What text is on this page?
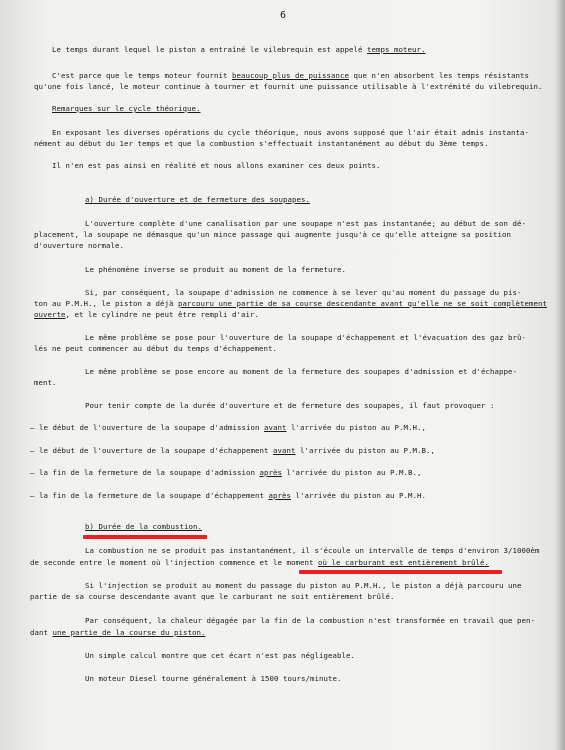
6
Le temps durant lequel le piston a entraîné le vilebrequin est appelé temps moteur.
C'est parce que le temps moteur fournit beaucoup plus de puissance que n'en absorbent les temps résistants
qu'une fois lancé, le moteur continue à tourner et fournit une puissance utilisable à l'extrémité du vilebrequin.
Remarques sur le cycle théorique.
En exposant les diverses opérations du cycle théorique, nous avons supposé que l'air était admis instanta-
nément au début du 1er temps et que la combustion s'effectuait instantanément au début du 3ème temps.
Il n'en est pas ainsi en réalité et nous allons examiner ces deux points.
a) Durée d'ouverture et de fermeture des soupapes.
L'ouverture complète d'une canalisation par une soupape n'est pas instantanée; au début de son dé-
placement, la soupape ne démasque qu'un mince passage qui augmente jusqu'à ce qu'elle atteigne sa position
d'ouverture normale.
Le phénomène inverse se produit au moment de la fermeture.
Si, par conséquent, la soupape d'admission ne commence à se lever qu'au moment du passage du pis-
ton au P.M.H., le piston a déjà parcouru une partie de sa course descendante avant qu'elle ne se soit complètement
ouverte, et le cylindre ne peut être rempli d'air.
Le même problème se pose pour l'ouverture de la soupape d'échappement et l'évacuation des gaz brû-
lés ne peut commencer au début du temps d'échappement.
Le même problème se pose encore au moment de la fermeture des soupapes d'admission et d'échappe-
ment.
Pour tenir compte de la durée d'ouverture et de fermeture des soupapes, il faut provoquer :
– le début de l'ouverture de la soupape d'admission avant l'arrivée du piston au P.M.H.,
– le début de l'ouverture de la soupape d'échappement avant l'arrivée du piston au P.M.B.,
– la fin de la fermeture de la soupape d'admission après l'arrivée du piston au P.M.B.,
– la fin de la fermeture de la soupape d'échappement après l'arrivée du piston au P.M.H.
b) Durée de la combustion.
La combustion ne se produit pas instantanément, il s'écoule un intervalle de temps d'environ 3/1000èm
de seconde entre le moment où l'injection commence et le moment où le carburant est entièrement brûlé.
Si l'injection se produit au moment du passage du piston au P.M.H., le piston a déjà parcouru une
partie de sa course descendante avant que le carburant ne soit entièrement brûlé.
Par conséquent, la chaleur dégagée par la fin de la combustion n'est transformée en travail que pen-
dant une partie de la course du piston.
Un simple calcul montre que cet écart n'est pas négligeable.
Un moteur Diesel tourne généralement à 1500 tours/minute.
